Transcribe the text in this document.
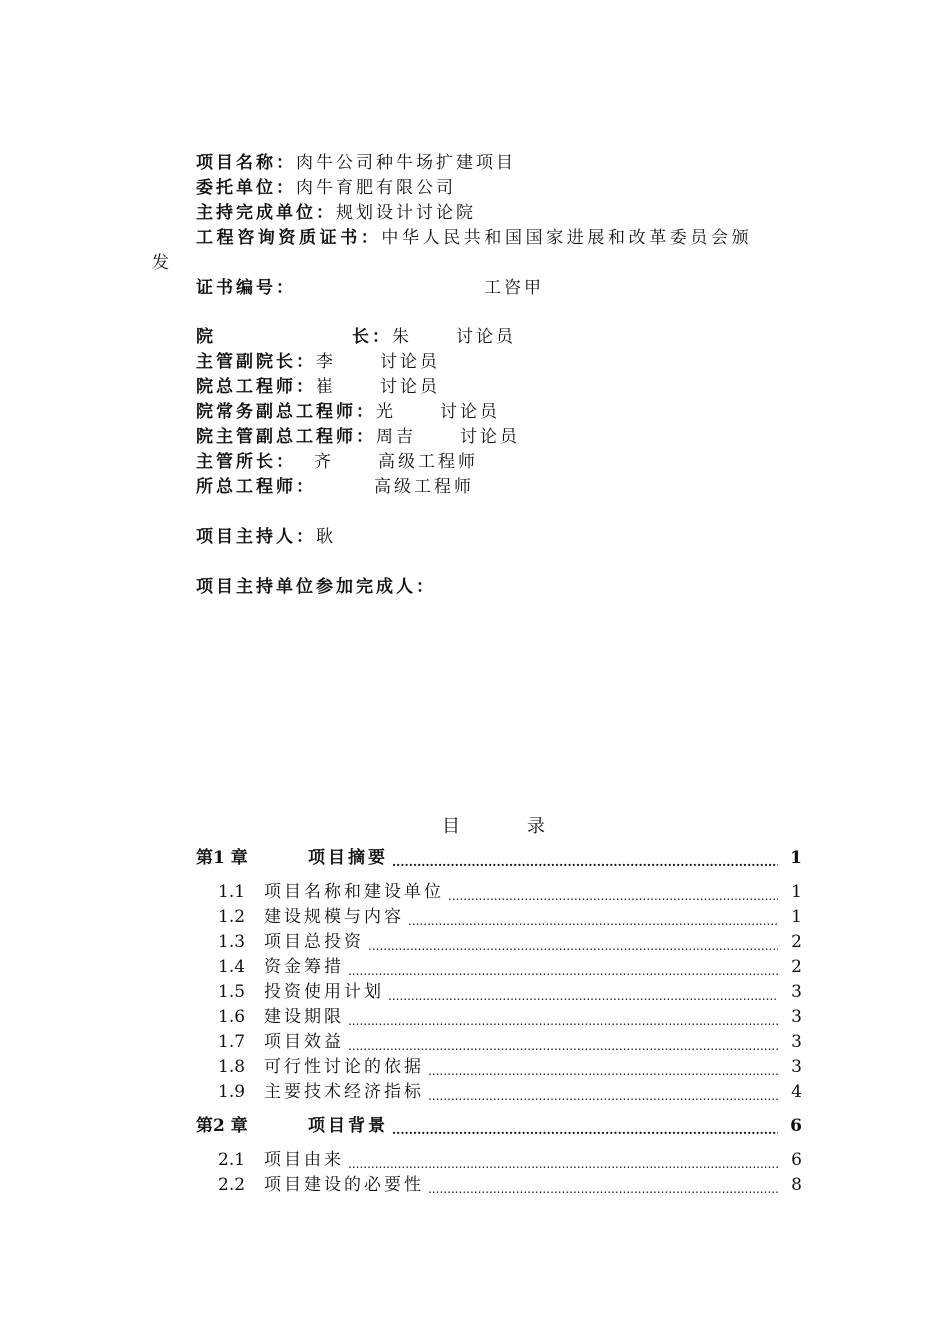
项目名称：肉牛公司种牛场扩建项目
委托单位：肉牛育肥有限公司
主持完成单位：规划设计讨论院
工程咨询资质证书：中华人民共和国国家进展和改革委员会颁
发
证书编号：	工咨甲
院	长：朱	讨论员
主管副院长：李	讨论员
院总工程师：崔	讨论员
院常务副总工程师：光	讨论员
院主管副总工程师：周吉	讨论员
主管所长： 齐	高级工程师
所总工程师：	高级工程师
项目主持人：耿
项目主持单位参加完成人：
目	录
第1 章	项目摘要 .....	1
1.1	项目名称和建设单位 .....	1
1.2	建设规模与内容 .....	1
1.3	项目总投资 .....	2
1.4	资金筹措 .....	2
1.5	投资使用计划 .....	3
1.6	建设期限 .....	3
1.7	项目效益 .....	3
1.8	可行性讨论的依据 .....	3
1.9	主要技术经济指标 .....	4
第2 章	项目背景 .....	6
2.1	项目由来 .....	6
2.2	项目建设的必要性 .....	8
